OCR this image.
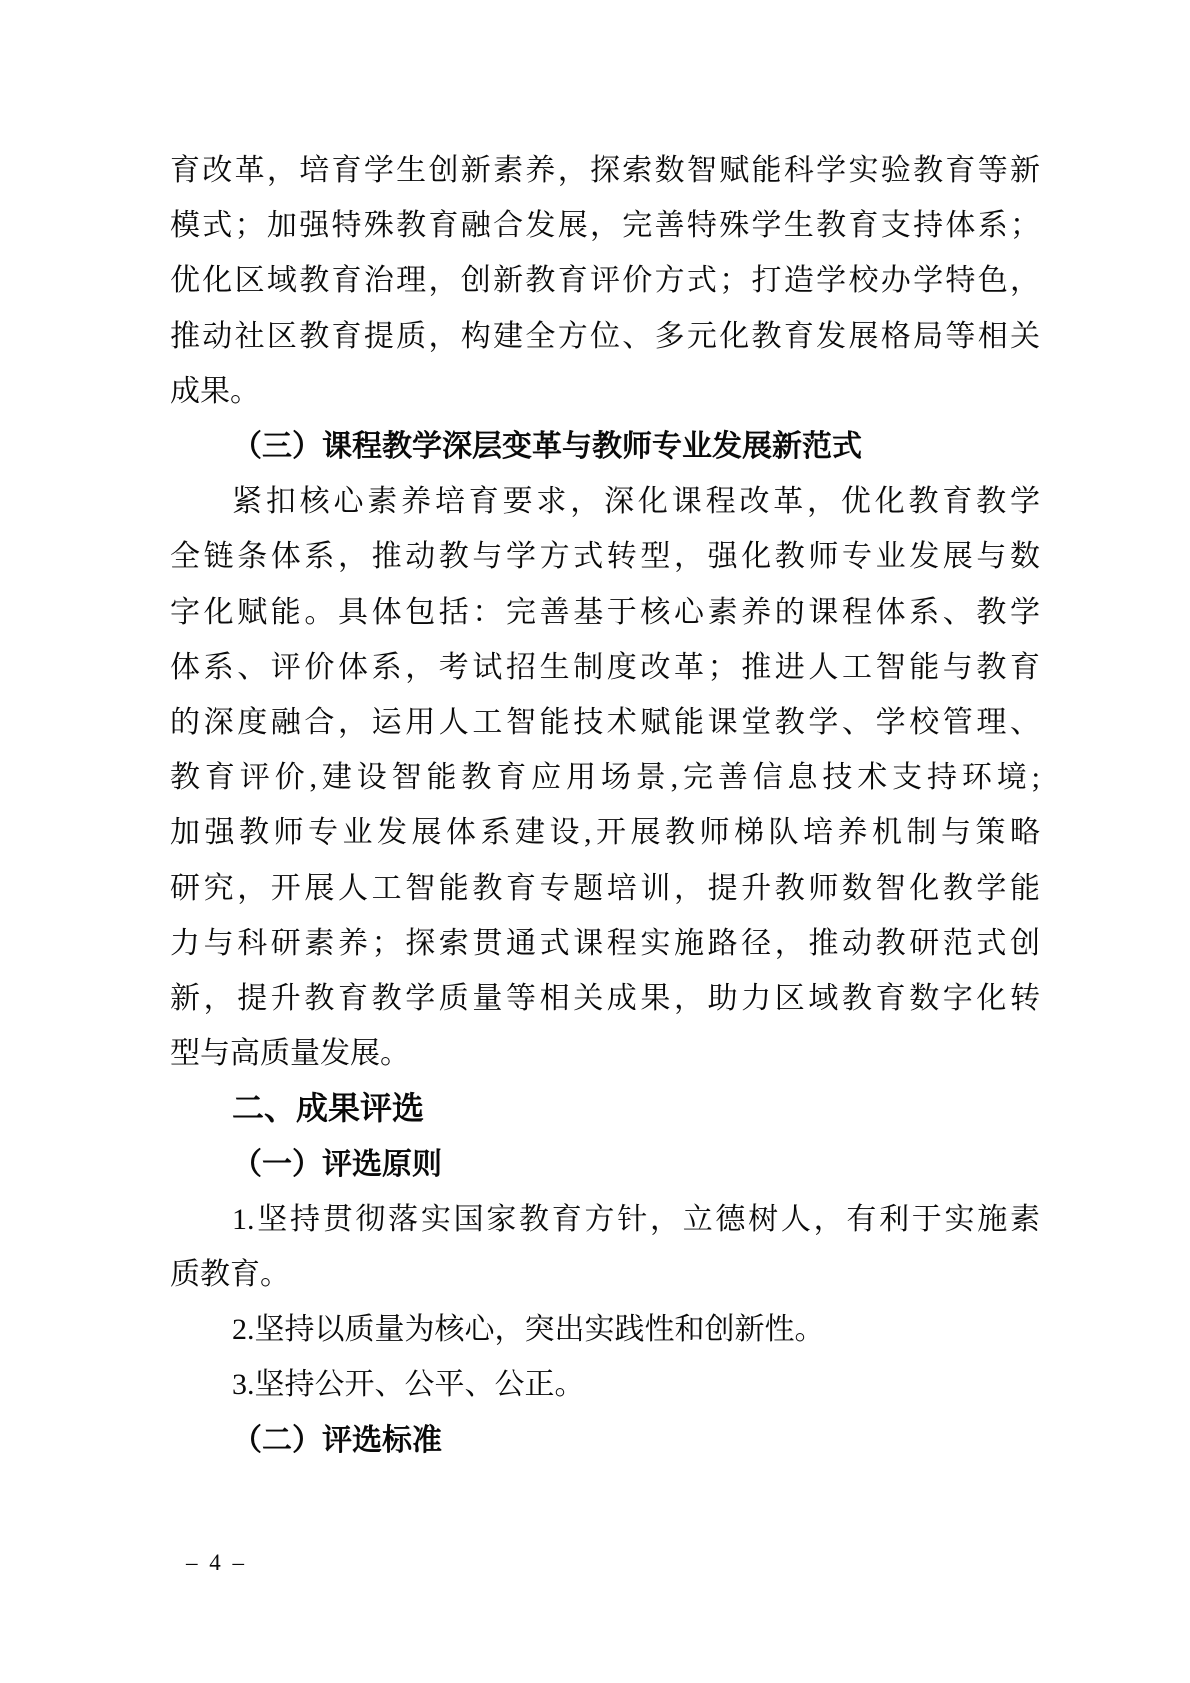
育改革，培育学生创新素养，探索数智赋能科学实验教育等新
模式；加强特殊教育融合发展，完善特殊学生教育支持体系；
优化区域教育治理，创新教育评价方式；打造学校办学特色，
推动社区教育提质，构建全方位、多元化教育发展格局等相关
成果。
（三）课程教学深层变革与教师专业发展新范式
紧扣核心素养培育要求，深化课程改革，优化教育教学
全链条体系，推动教与学方式转型，强化教师专业发展与数
字化赋能。具体包括：完善基于核心素养的课程体系、教学
体系、评价体系，考试招生制度改革；推进人工智能与教育
的深度融合，运用人工智能技术赋能课堂教学、学校管理、
教育评价,建设智能教育应用场景,完善信息技术支持环境;
加强教师专业发展体系建设,开展教师梯队培养机制与策略
研究，开展人工智能教育专题培训，提升教师数智化教学能
力与科研素养；探索贯通式课程实施路径，推动教研范式创
新，提升教育教学质量等相关成果，助力区域教育数字化转
型与高质量发展。
二、成果评选
（一）评选原则
1.坚持贯彻落实国家教育方针，立德树人，有利于实施素
质教育。
2.坚持以质量为核心，突出实践性和创新性。
3.坚持公开、公平、公正。
（二）评选标准
– 4 –
